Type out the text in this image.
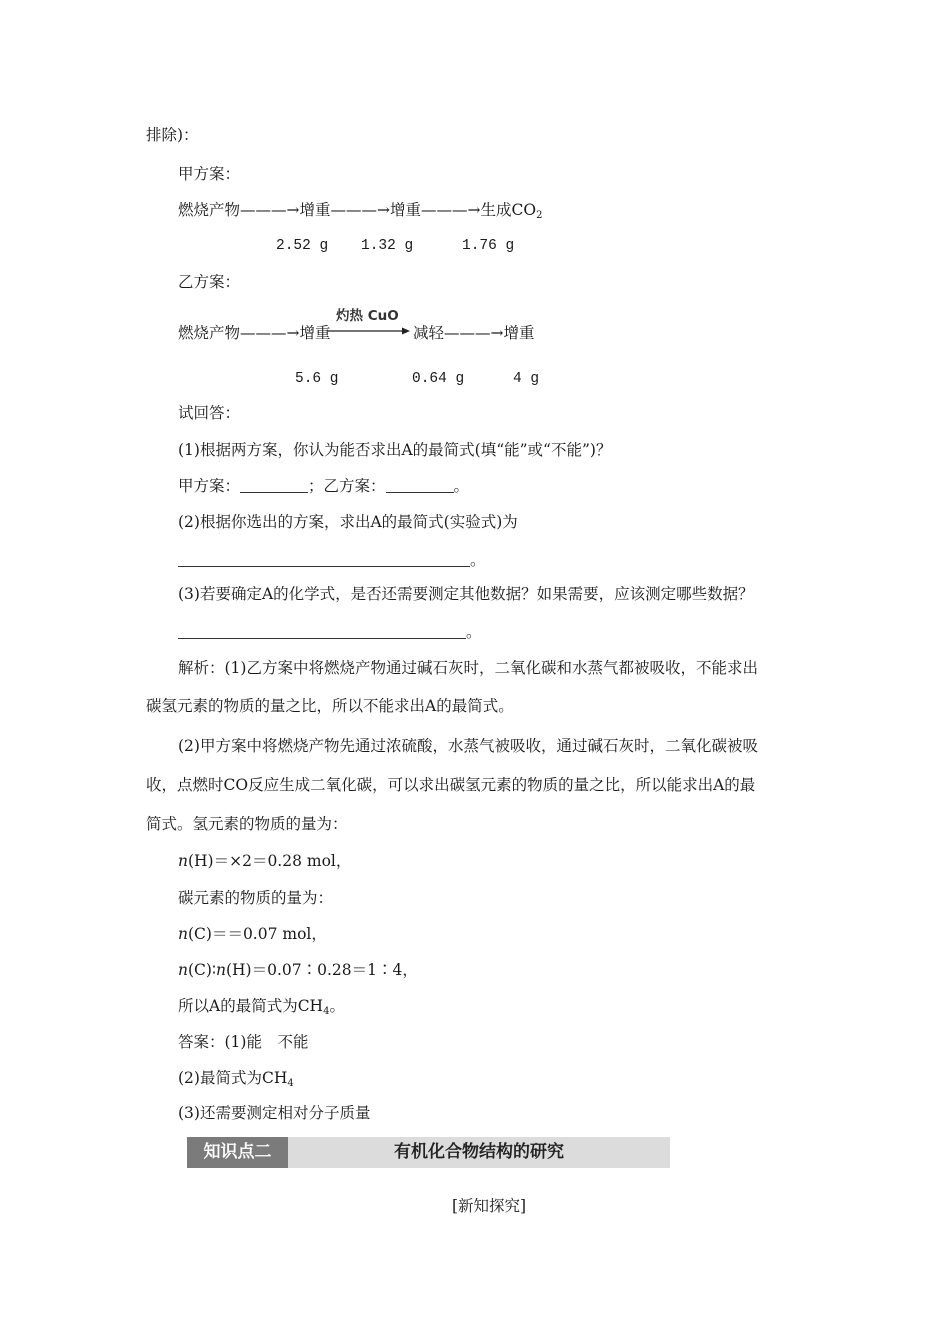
排除)：
甲方案：
燃烧产物———→增重———→增重———→生成$CO_2$
2.52 g 1.32 g	1.76 g
乙方案：
燃烧产物———→增重
灼热 CuO
减轻———→增重
5.6 g	0.64 g	4 g
试回答：
(1)根据两方案，你认为能否求出A的最简式(填“能”或“不能”)？
甲方案：	；乙方案：	。
(2)根据你选出的方案，求出A的最简式(实验式)为
。
(3)若要确定A的化学式，是否还需要测定其他数据？如果需要，应该测定哪些数据？
。
解析：(1)乙方案中将燃烧产物通过碱石灰时，二氧化碳和水蒸气都被吸收，不能求出
碳氢元素的物质的量之比，所以不能求出A的最简式。
(2)甲方案中将燃烧产物先通过浓硫酸，水蒸气被吸收，通过碱石灰时，二氧化碳被吸
收，点燃时CO反应生成二氧化碳，可以求出碳氢元素的物质的量之比，所以能求出A的最
简式。氢元素的物质的量为：
n(H)＝×2＝0.28 mol，
碳元素的物质的量为：
n(C)＝＝0.07 mol，
n(C)∶n(H)＝0.07∶0.28＝1∶4，
所以A的最简式为$CH_4$。
答案：(1)能　不能
(2)最简式为$CH_4$
(3)还需要测定相对分子质量
知识点二	有机化合物结构的研究
[新知探究]
